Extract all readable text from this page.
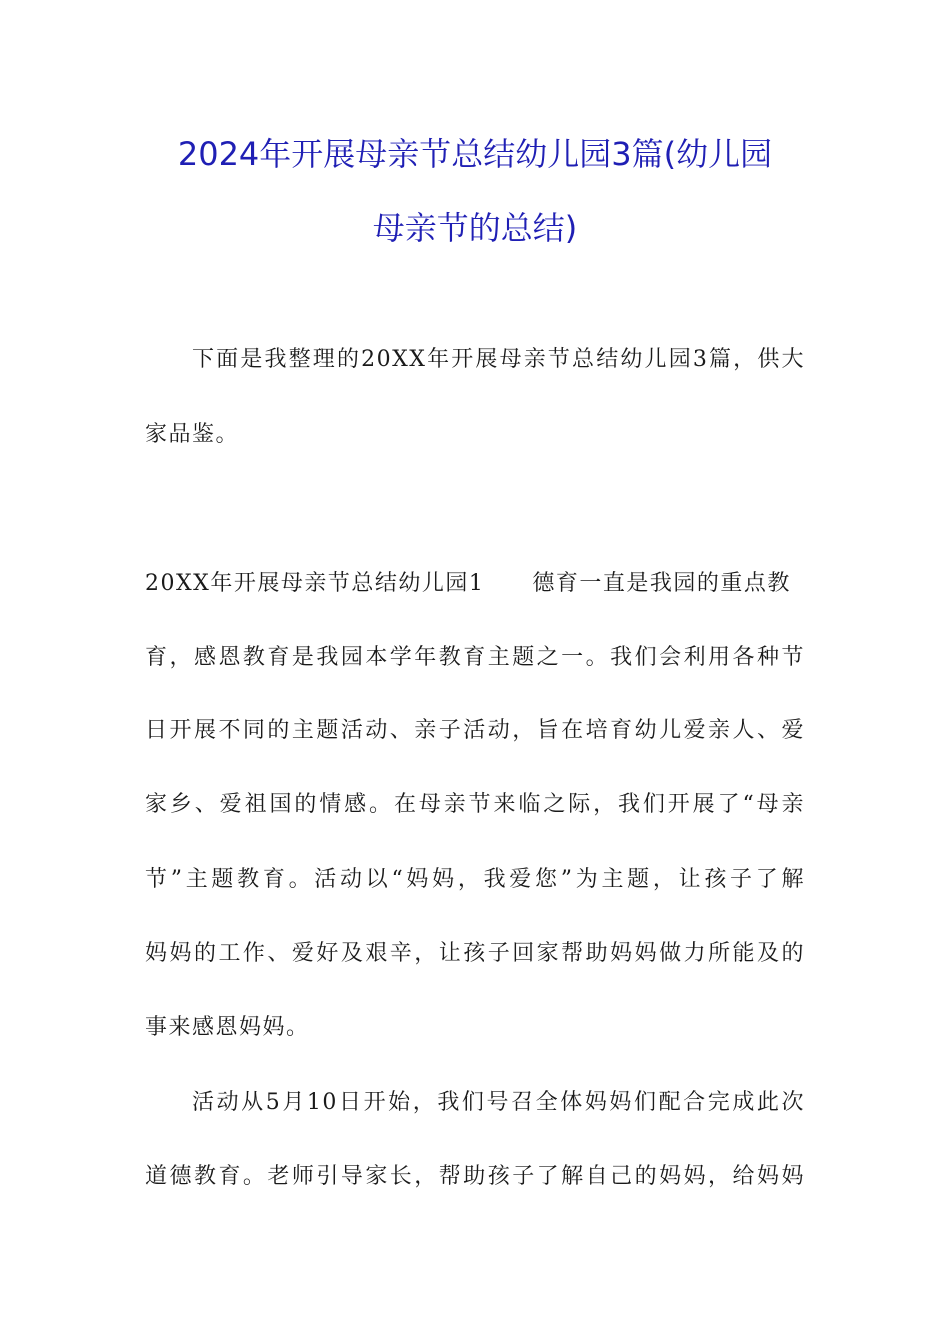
2024年开展母亲节总结幼儿园3篇(幼儿园
母亲节的总结)
下面是我整理的20XX年开展母亲节总结幼儿园3篇，供大
家品鉴。
20XX年开展母亲节总结幼儿园1 德育一直是我园的重点教
育，感恩教育是我园本学年教育主题之一。我们会利用各种节
日开展不同的主题活动、亲子活动，旨在培育幼儿爱亲人、爱
家乡、爱祖国的情感。在母亲节来临之际，我们开展了“母亲
节”主题教育。活动以“妈妈，我爱您”为主题，让孩子了解
妈妈的工作、爱好及艰辛，让孩子回家帮助妈妈做力所能及的
事来感恩妈妈。
活动从5月10日开始，我们号召全体妈妈们配合完成此次
道德教育。老师引导家长，帮助孩子了解自己的妈妈，给妈妈
